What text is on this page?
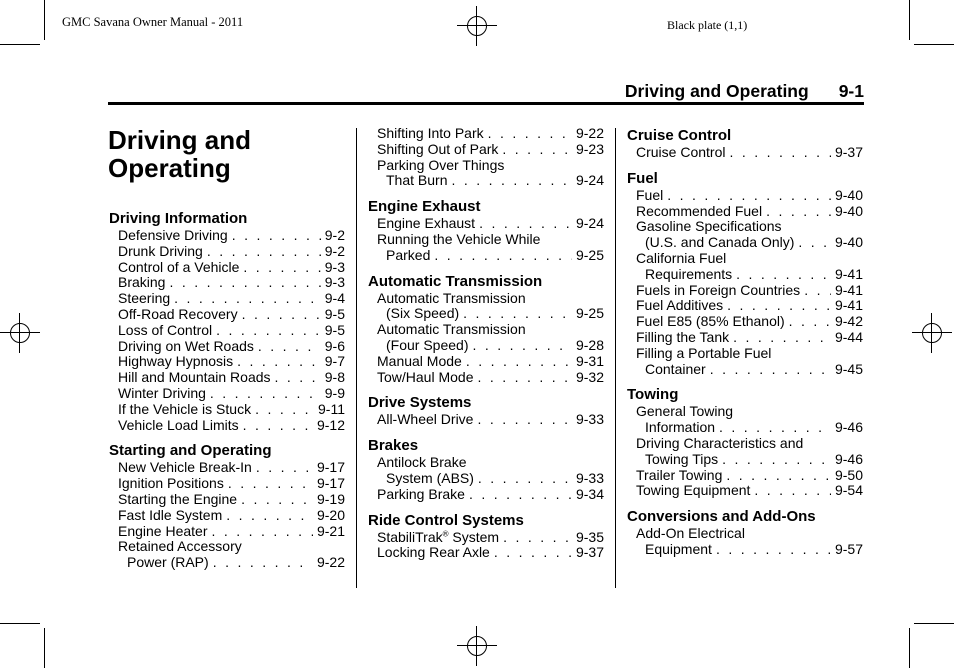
GMC Savana Owner Manual - 2011	Black plate (1,1)
Driving and Operating 9-1
Driving and
Operating
Driving Information
Defensive Driving . . .	9-2
Drunk Driving . . .	9-2
Control of a Vehicle . . .	9-3
Braking . . .	9-3
Steering . . .	9-4
Off-Road Recovery . . .	9-5
Loss of Control . . .	9-5
Driving on Wet Roads . . .	9-6
Highway Hypnosis . . .	9-7
Hill and Mountain Roads . . .	9-8
Winter Driving . . .	9-9
If the Vehicle is Stuck . . .	9-11
Vehicle Load Limits . . .	9-12
Starting and Operating
New Vehicle Break-In . . .	9-17
Ignition Positions . . .	9-17
Starting the Engine . . .	9-19
Fast Idle System . . .	9-20
Engine Heater . . .	9-21
Retained Accessory
Power (RAP) . . .	9-22
Shifting Into Park . . .	9-22
Shifting Out of Park . . .	9-23
Parking Over Things
That Burn . . .	9-24
Engine Exhaust
Engine Exhaust . . .	9-24
Running the Vehicle While
Parked . . .	9-25
Automatic Transmission
Automatic Transmission
(Six Speed) . . .	9-25
Automatic Transmission
(Four Speed) . . .	9-28
Manual Mode . . .	9-31
Tow/Haul Mode . . .	9-32
Drive Systems
All-Wheel Drive . . .	9-33
Brakes
Antilock Brake
System (ABS) . . .	9-33
Parking Brake . . .	9-34
Ride Control Systems
StabiliTrak® System . . .	9-35
Locking Rear Axle . . .	9-37
Cruise Control
Cruise Control . . .	9-37
Fuel
Fuel . . .	9-40
Recommended Fuel . . .	9-40
Gasoline Specifications
(U.S. and Canada Only) . . .	9-40
California Fuel
Requirements . . .	9-41
Fuels in Foreign Countries . . . 9-41
Fuel Additives . . .	9-41
Fuel E85 (85% Ethanol) . . .	9-42
Filling the Tank . . .	9-44
Filling a Portable Fuel
Container . . .	9-45
Towing
General Towing
Information . . .	9-46
Driving Characteristics and
Towing Tips . . .	9-46
Trailer Towing . . .	9-50
Towing Equipment . . .	9-54
Conversions and Add-Ons
Add-On Electrical
Equipment . . .	9-57
